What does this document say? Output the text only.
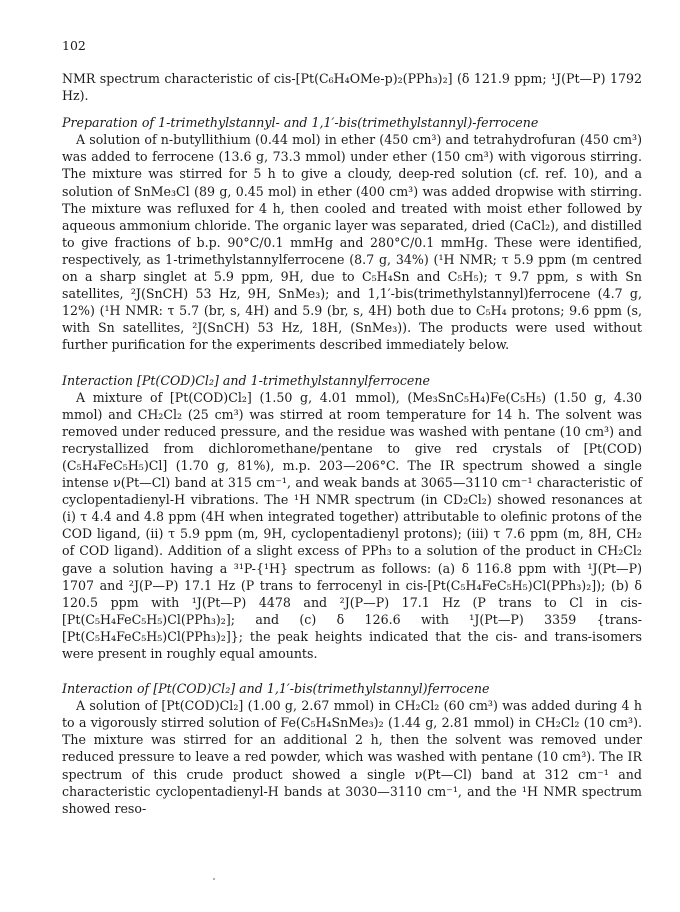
102

NMR spectrum characteristic of cis-[Pt(C₆H₄OMe-p)₂(PPh₃)₂] (δ 121.9 ppm; ¹J(Pt—P) 1792 Hz).

Preparation of 1-trimethylstannyl- and 1,1′-bis(trimethylstannyl)-ferrocene

A solution of n-butyllithium (0.44 mol) in ether (450 cm³) and tetrahydrofuran (450 cm³) was added to ferrocene (13.6 g, 73.3 mmol) under ether (150 cm³) with vigorous stirring. The mixture was stirred for 5 h to give a cloudy, deep-red solution (cf. ref. 10), and a solution of SnMe₃Cl (89 g, 0.45 mol) in ether (400 cm³) was added dropwise with stirring. The mixture was refluxed for 4 h, then cooled and treated with moist ether followed by aqueous ammonium chloride. The organic layer was separated, dried (CaCl₂), and distilled to give fractions of b.p. 90°C/0.1 mmHg and 280°C/0.1 mmHg. These were identified, respectively, as 1-trimethylstannylferrocene (8.7 g, 34%) (¹H NMR; τ 5.9 ppm (m centred on a sharp singlet at 5.9 ppm, 9H, due to C₅H₄Sn and C₅H₅); τ 9.7 ppm, s with Sn satellites, ²J(SnCH) 53 Hz, 9H, SnMe₃); and 1,1′-bis(trimethylstannyl)ferrocene (4.7 g, 12%) (¹H NMR: τ 5.7 (br, s, 4H) and 5.9 (br, s, 4H) both due to C₅H₄ protons; 9.6 ppm (s, with Sn satellites, ²J(SnCH) 53 Hz, 18H, (SnMe₃)). The products were used without further purification for the experiments described immediately below.

Interaction [Pt(COD)Cl₂] and 1-trimethylstannylferrocene

A mixture of [Pt(COD)Cl₂] (1.50 g, 4.01 mmol), (Me₃SnC₅H₄)Fe(C₅H₅) (1.50 g, 4.30 mmol) and CH₂Cl₂ (25 cm³) was stirred at room temperature for 14 h. The solvent was removed under reduced pressure, and the residue was washed with pentane (10 cm³) and recrystallized from dichloromethane/pentane to give red crystals of [Pt(COD)(C₅H₄FeC₅H₅)Cl] (1.70 g, 81%), m.p. 203—206°C. The IR spectrum showed a single intense ν(Pt—Cl) band at 315 cm⁻¹, and weak bands at 3065—3110 cm⁻¹ characteristic of cyclopentadienyl-H vibrations. The ¹H NMR spectrum (in CD₂Cl₂) showed resonances at (i) τ 4.4 and 4.8 ppm (4H when integrated together) attributable to olefinic protons of the COD ligand, (ii) τ 5.9 ppm (m, 9H, cyclopentadienyl protons); (iii) τ 7.6 ppm (m, 8H, CH₂ of COD ligand). Addition of a slight excess of PPh₃ to a solution of the product in CH₂Cl₂ gave a solution having a ³¹P-{¹H} spectrum as follows: (a) δ 116.8 ppm with ¹J(Pt—P) 1707 and ²J(P—P) 17.1 Hz (P trans to ferrocenyl in cis-[Pt(C₅H₄FeC₅H₅)Cl(PPh₃)₂]); (b) δ 120.5 ppm with ¹J(Pt—P) 4478 and ²J(P—P) 17.1 Hz (P trans to Cl in cis-[Pt(C₅H₄FeC₅H₅)Cl(PPh₃)₂]; and (c) δ 126.6 with ¹J(Pt—P) 3359 {trans-[Pt(C₅H₄FeC₅H₅)Cl(PPh₃)₂]}; the peak heights indicated that the cis- and trans-isomers were present in roughly equal amounts.

Interaction of [Pt(COD)Cl₂] and 1,1′-bis(trimethylstannyl)ferrocene

A solution of [Pt(COD)Cl₂] (1.00 g, 2.67 mmol) in CH₂Cl₂ (60 cm³) was added during 4 h to a vigorously stirred solution of Fe(C₅H₄SnMe₃)₂ (1.44 g, 2.81 mmol) in CH₂Cl₂ (10 cm³). The mixture was stirred for an additional 2 h, then the solvent was removed under reduced pressure to leave a red powder, which was washed with pentane (10 cm³). The IR spectrum of this crude product showed a single ν(Pt—Cl) band at 312 cm⁻¹ and characteristic cyclopentadienyl-H bands at 3030—3110 cm⁻¹, and the ¹H NMR spectrum showed reso-
